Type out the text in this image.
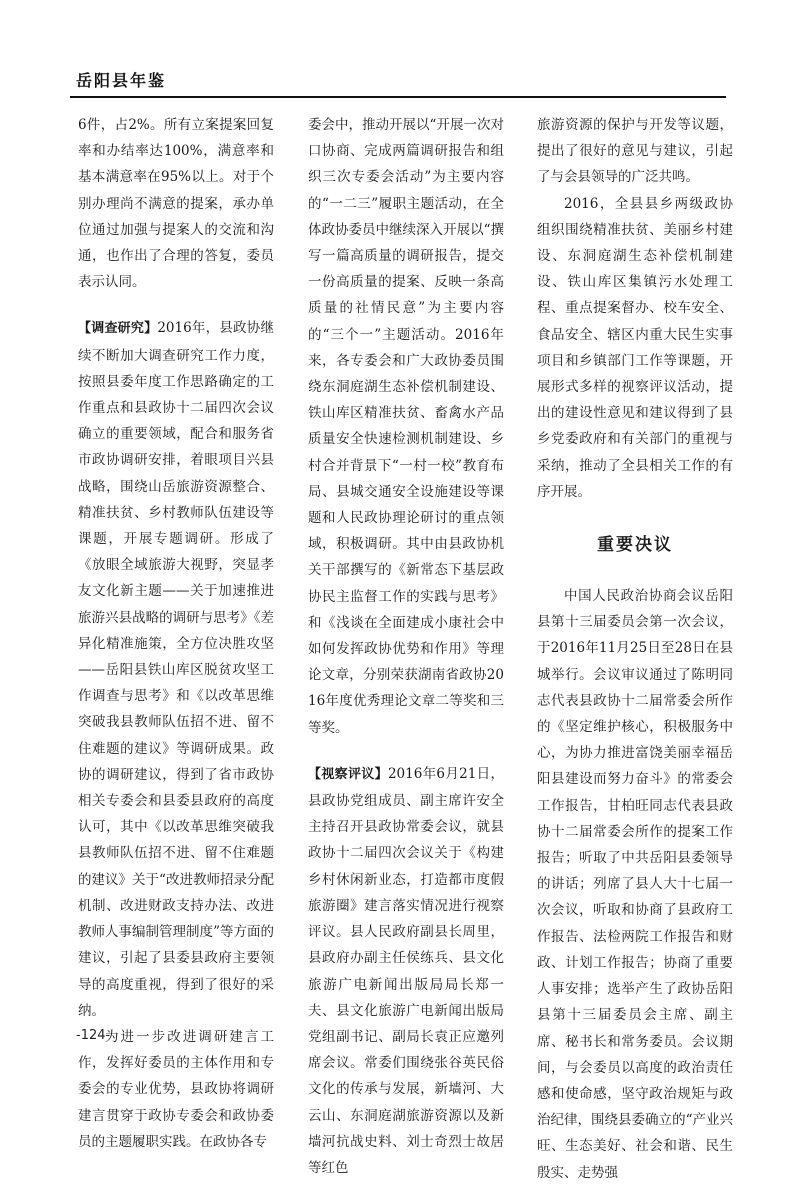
岳阳县年鉴

6件，占2%。所有立案提案回复率和办结率达100%，满意率和基本满意率在95%以上。对于个别办理尚不满意的提案，承办单位通过加强与提案人的交流和沟通，也作出了合理的答复，委员表示认同。

【调查研究】2016年，县政协继续不断加大调查研究工作力度，按照县委年度工作思路确定的工作重点和县政协十二届四次会议确立的重要领域，配合和服务省市政协调研安排，着眼项目兴县战略，围绕山岳旅游资源整合、精准扶贫、乡村教师队伍建设等课题，开展专题调研。形成了《放眼全域旅游大视野，突显孝友文化新主题——关于加速推进旅游兴县战略的调研与思考》《差异化精准施策，全方位决胜攻坚——岳阳县铁山库区脱贫攻坚工作调查与思考》和《以改革思维突破我县教师队伍招不进、留不住难题的建议》等调研成果。政协的调研建议，得到了省市政协相关专委会和县委县政府的高度认可，其中《以改革思维突破我县教师队伍招不进、留不住难题的建议》关于“改进教师招录分配机制、改进财政支持办法、改进教师人事编制管理制度”等方面的建议，引起了县委县政府主要领导的高度重视，得到了很好的采纳。

为进一步改进调研建言工作，发挥好委员的主体作用和专委会的专业优势，县政协将调研建言贯穿于政协专委会和政协委员的主题履职实践。在政协各专

委会中，推动开展以“开展一次对口协商、完成两篇调研报告和组织三次专委会活动”为主要内容的“一二三”履职主题活动，在全体政协委员中继续深入开展以“撰写一篇高质量的调研报告，提交一份高质量的提案、反映一条高质量的社情民意”为主要内容的“三个一”主题活动。2016年来，各专委会和广大政协委员围绕东洞庭湖生态补偿机制建设、铁山库区精准扶贫、畜禽水产品质量安全快速检测机制建设、乡村合并背景下“一村一校”教育布局、县城交通安全设施建设等课题和人民政协理论研讨的重点领域，积极调研。其中由县政协机关干部撰写的《新常态下基层政协民主监督工作的实践与思考》和《浅谈在全面建成小康社会中如何发挥政协优势和作用》等理论文章，分别荣获湖南省政协2016年度优秀理论文章二等奖和三等奖。

【视察评议】2016年6月21日，县政协党组成员、副主席许安全主持召开县政协常委会议，就县政协十二届四次会议关于《构建乡村休闲新业态，打造都市度假旅游圈》建言落实情况进行视察评议。县人民政府副县长周里，县政府办副主任侯练兵、县文化旅游广电新闻出版局局长郑一夫、县文化旅游广电新闻出版局党组副书记、副局长袁正应邀列席会议。常委们围绕张谷英民俗文化的传承与发展，新墙河、大云山、东洞庭湖旅游资源以及新墙河抗战史料、刘士奇烈士故居等红色

旅游资源的保护与开发等议题，提出了很好的意见与建议，引起了与会县领导的广泛共鸣。

2016，全县县乡两级政协组织围绕精准扶贫、美丽乡村建设、东洞庭湖生态补偿机制建设、铁山库区集镇污水处理工程、重点提案督办、校车安全、食品安全、辖区内重大民生实事项目和乡镇部门工作等课题，开展形式多样的视察评议活动，提出的建设性意见和建议得到了县乡党委政府和有关部门的重视与采纳，推动了全县相关工作的有序开展。

重要决议

中国人民政治协商会议岳阳县第十三届委员会第一次会议，于2016年11月25日至28日在县城举行。会议审议通过了陈明同志代表县政协十二届常委会所作的《坚定维护核心，积极服务中心，为协力推进富饶美丽幸福岳阳县建设而努力奋斗》的常委会工作报告，甘柏旺同志代表县政协十二届常委会所作的提案工作报告；听取了中共岳阳县委领导的讲话；列席了县人大十七届一次会议，听取和协商了县政府工作报告、法检两院工作报告和财政、计划工作报告；协商了重要人事安排；选举产生了政协岳阳县第十三届委员会主席、副主席、秘书长和常务委员。会议期间，与会委员以高度的政治责任感和使命感，坚守政治规矩与政治纪律，围绕县委确立的“产业兴旺、生态美好、社会和谐、民生殷实、走势强

-124-
